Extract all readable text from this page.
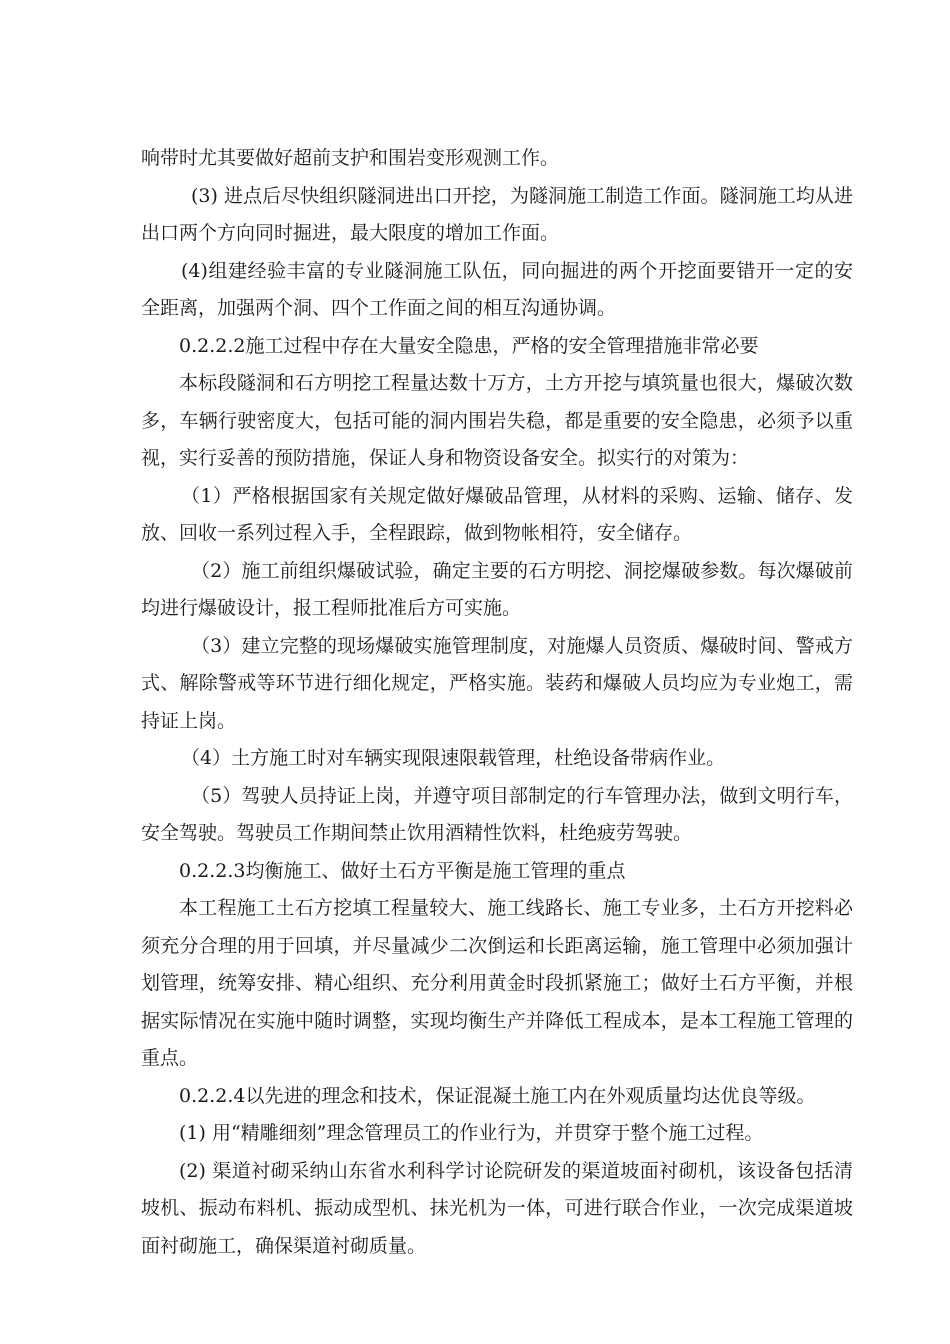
响带时尤其要做好超前支护和围岩变形观测工作。

(3) 进点后尽快组织隧洞进出口开挖，为隧洞施工制造工作面。隧洞施工均从进出口两个方向同时掘进，最大限度的增加工作面。

(4)组建经验丰富的专业隧洞施工队伍，同向掘进的两个开挖面要错开一定的安全距离，加强两个洞、四个工作面之间的相互沟通协调。

0.2.2.2施工过程中存在大量安全隐患，严格的安全管理措施非常必要

本标段隧洞和石方明挖工程量达数十万方，土方开挖与填筑量也很大，爆破次数多，车辆行驶密度大，包括可能的洞内围岩失稳，都是重要的安全隐患，必须予以重视，实行妥善的预防措施，保证人身和物资设备安全。拟实行的对策为：

（1）严格根据国家有关规定做好爆破品管理，从材料的采购、运输、储存、发放、回收一系列过程入手，全程跟踪，做到物帐相符，安全储存。

（2）施工前组织爆破试验，确定主要的石方明挖、洞挖爆破参数。每次爆破前均进行爆破设计，报工程师批准后方可实施。

（3）建立完整的现场爆破实施管理制度，对施爆人员资质、爆破时间、警戒方式、解除警戒等环节进行细化规定，严格实施。装药和爆破人员均应为专业炮工，需持证上岗。

（4）土方施工时对车辆实现限速限载管理，杜绝设备带病作业。

（5）驾驶人员持证上岗，并遵守项目部制定的行车管理办法，做到文明行车，安全驾驶。驾驶员工作期间禁止饮用酒精性饮料，杜绝疲劳驾驶。

0.2.2.3均衡施工、做好土石方平衡是施工管理的重点

本工程施工土石方挖填工程量较大、施工线路长、施工专业多，土石方开挖料必须充分合理的用于回填，并尽量减少二次倒运和长距离运输，施工管理中必须加强计划管理，统筹安排、精心组织、充分利用黄金时段抓紧施工；做好土石方平衡，并根据实际情况在实施中随时调整，实现均衡生产并降低工程成本，是本工程施工管理的重点。

0.2.2.4以先进的理念和技术，保证混凝土施工内在外观质量均达优良等级。

(1) 用“精雕细刻”理念管理员工的作业行为，并贯穿于整个施工过程。

(2) 渠道衬砌采纳山东省水利科学讨论院研发的渠道坡面衬砌机，该设备包括清坡机、振动布料机、振动成型机、抹光机为一体，可进行联合作业，一次完成渠道坡面衬砌施工，确保渠道衬砌质量。
